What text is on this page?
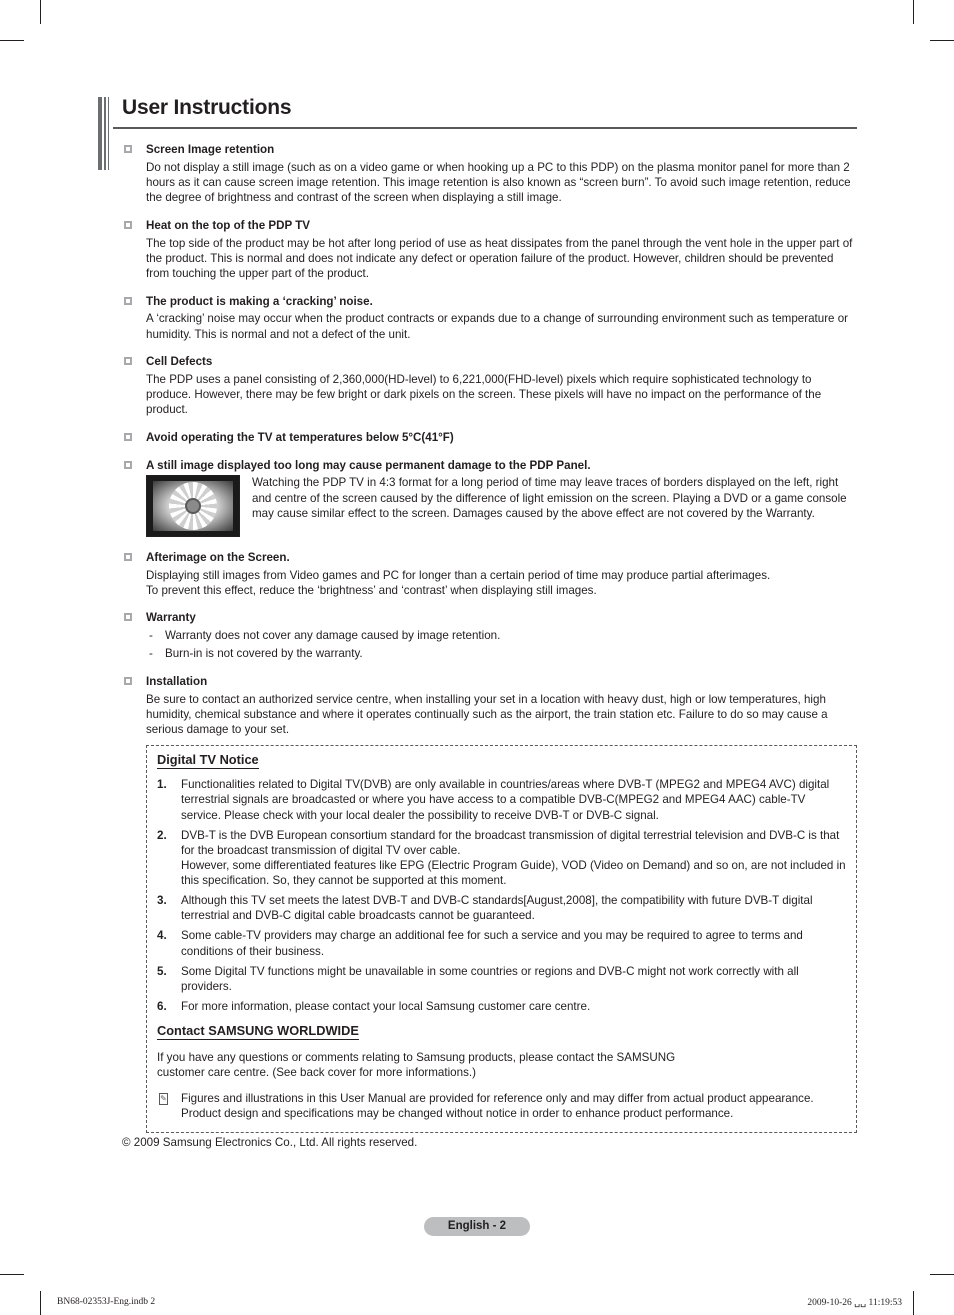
User Instructions
Screen Image retention
Do not display a still image (such as on a video game or when hooking up a PC to this PDP) on the plasma monitor panel for more than 2 hours as it can cause screen image retention. This image retention is also known as “screen burn”. To avoid such image retention, reduce the degree of brightness and contrast of the screen when displaying a still image.
Heat on the top of the PDP TV
The top side of the product may be hot after long period of use as heat dissipates from the panel through the vent hole in the upper part of the product. This is normal and does not indicate any defect or operation failure of the product. However, children should be prevented from touching the upper part of the product.
The product is making a ‘cracking’ noise.
A ‘cracking’ noise may occur when the product contracts or expands due to a change of surrounding environment such as temperature or humidity. This is normal and not a defect of the unit.
Cell Defects
The PDP uses a panel consisting of 2,360,000(HD-level) to 6,221,000(FHD-level) pixels which require sophisticated technology to produce. However, there may be few bright or dark pixels on the screen. These pixels will have no impact on the performance of the product.
Avoid operating the TV at temperatures below 5°C(41°F)
A still image displayed too long may cause permanent damage to the PDP Panel.
Watching the PDP TV in 4:3 format for a long period of time may leave traces of borders displayed on the left, right and centre of the screen caused by the difference of light emission on the screen. Playing a DVD or a game console may cause similar effect to the screen. Damages caused by the above effect are not covered by the Warranty.
Afterimage on the Screen.
Displaying still images from Video games and PC for longer than a certain period of time may produce partial afterimages.
To prevent this effect, reduce the ‘brightness’ and ‘contrast’ when displaying still images.
Warranty
- Warranty does not cover any damage caused by image retention.
- Burn-in is not covered by the warranty.
Installation
Be sure to contact an authorized service centre, when installing your set in a location with heavy dust, high or low temperatures, high humidity, chemical substance and where it operates continually such as the airport, the train station etc. Failure to do so may cause a serious damage to your set.
Digital TV Notice
1. Functionalities related to Digital TV(DVB) are only available in countries/areas where DVB-T (MPEG2 and MPEG4 AVC) digital terrestrial signals are broadcasted or where you have access to a compatible DVB-C(MPEG2 and MPEG4 AAC) cable-TV service. Please check with your local dealer the possibility to receive DVB-T or DVB-C signal.
2. DVB-T is the DVB European consortium standard for the broadcast transmission of digital terrestrial television and DVB-C is that for the broadcast transmission of digital TV over cable.
However, some differentiated features like EPG (Electric Program Guide), VOD (Video on Demand) and so on, are not included in this specification. So, they cannot be supported at this moment.
3. Although this TV set meets the latest DVB-T and DVB-C standards[August,2008], the compatibility with future DVB-T digital terrestrial and DVB-C digital cable broadcasts cannot be guaranteed.
4. Some cable-TV providers may charge an additional fee for such a service and you may be required to agree to terms and conditions of their business.
5. Some Digital TV functions might be unavailable in some countries or regions and DVB-C might not work correctly with all providers.
6. For more information, please contact your local Samsung customer care centre.
Contact SAMSUNG WORLDWIDE
If you have any questions or comments relating to Samsung products, please contact the SAMSUNG
customer care centre. (See back cover for more informations.)
✎ Figures and illustrations in this User Manual are provided for reference only and may differ from actual product appearance. Product design and specifications may be changed without notice in order to enhance product performance.
© 2009 Samsung Electronics Co., Ltd. All rights reserved.
English - 2
BN68-02353J-Eng.indb 2	2009-10-26 ␣␣ 11:19:53
